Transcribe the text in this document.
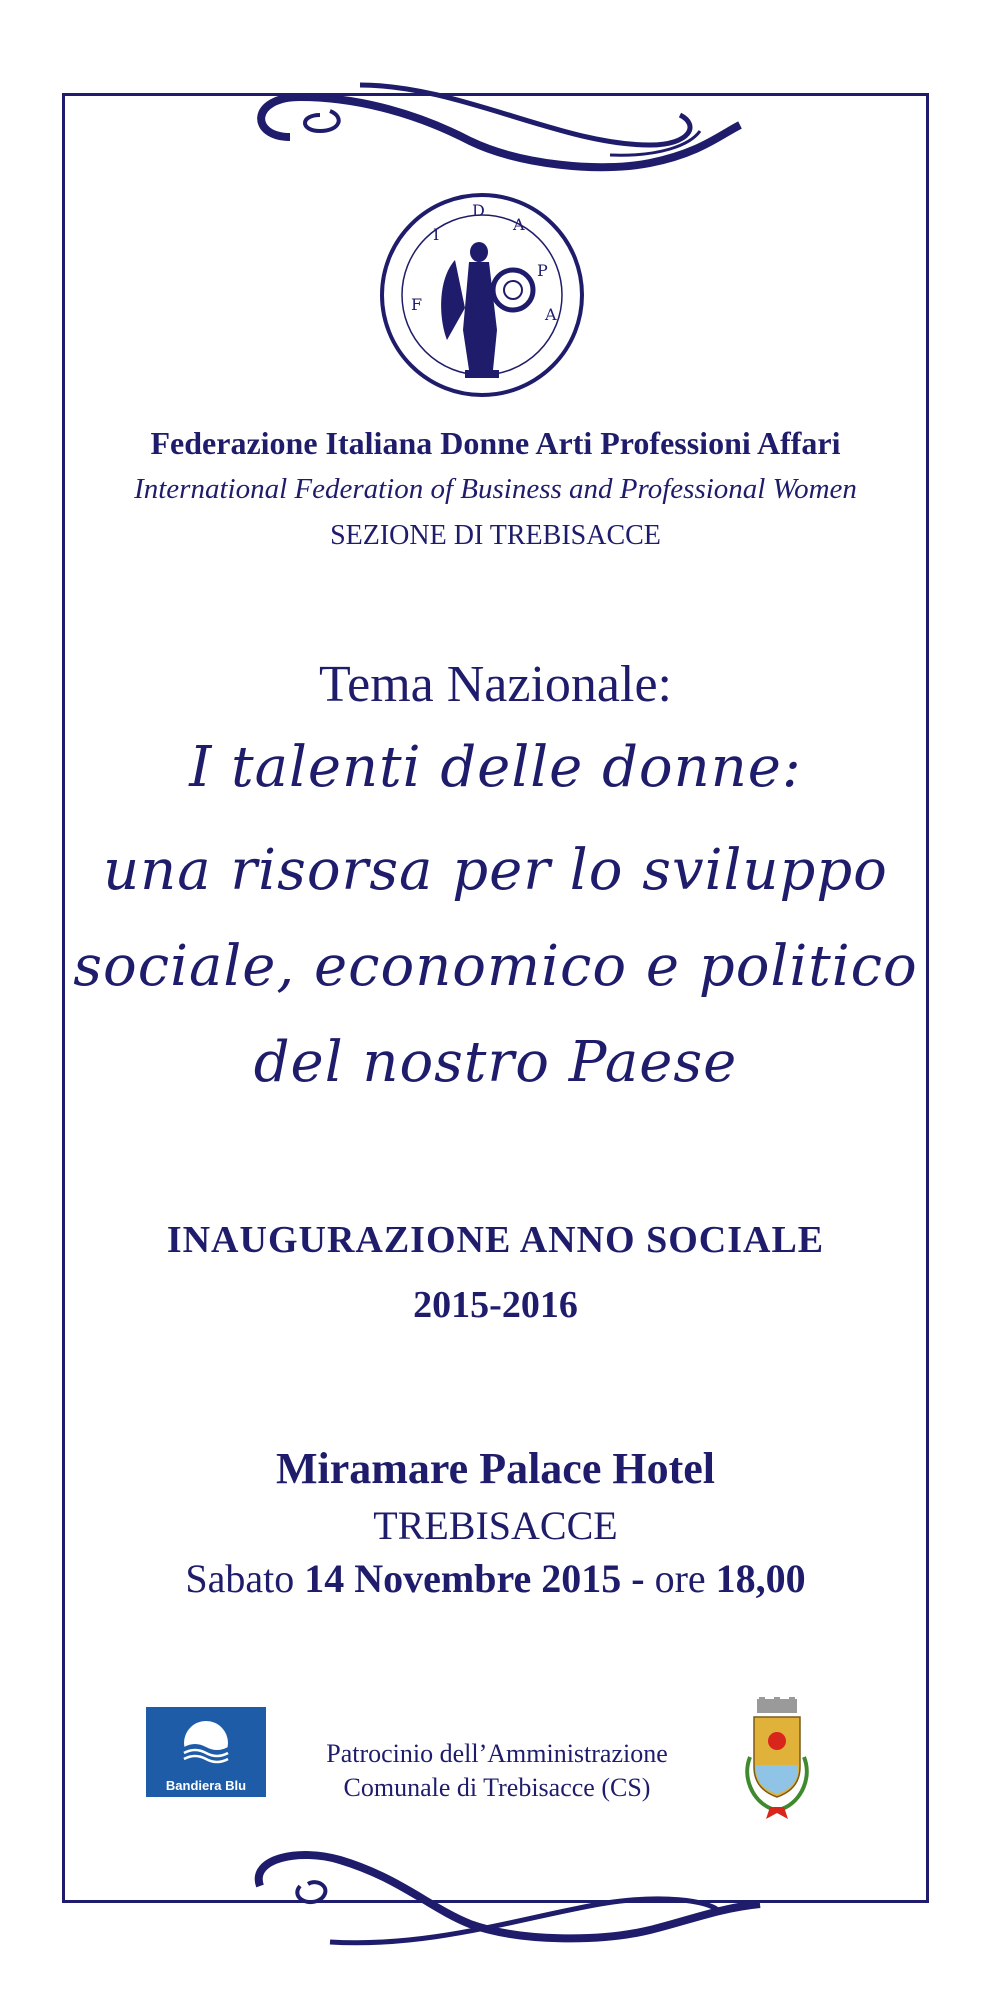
F
I
D
A
P
A
Federazione Italiana Donne Arti Professioni Affari
International Federation of Business and Professional Women
SEZIONE DI TREBISACCE
Tema Nazionale:
I talenti delle donne:
una risorsa per lo sviluppo
sociale, economico e politico
del nostro Paese
INAUGURAZIONE ANNO SOCIALE
2015-2016
Miramare Palace Hotel
TREBISACCE
Sabato 14 Novembre 2015 - ore 18,00
Bandiera Blu
Patrocinio dell’Amministrazione
Comunale di Trebisacce (CS)
